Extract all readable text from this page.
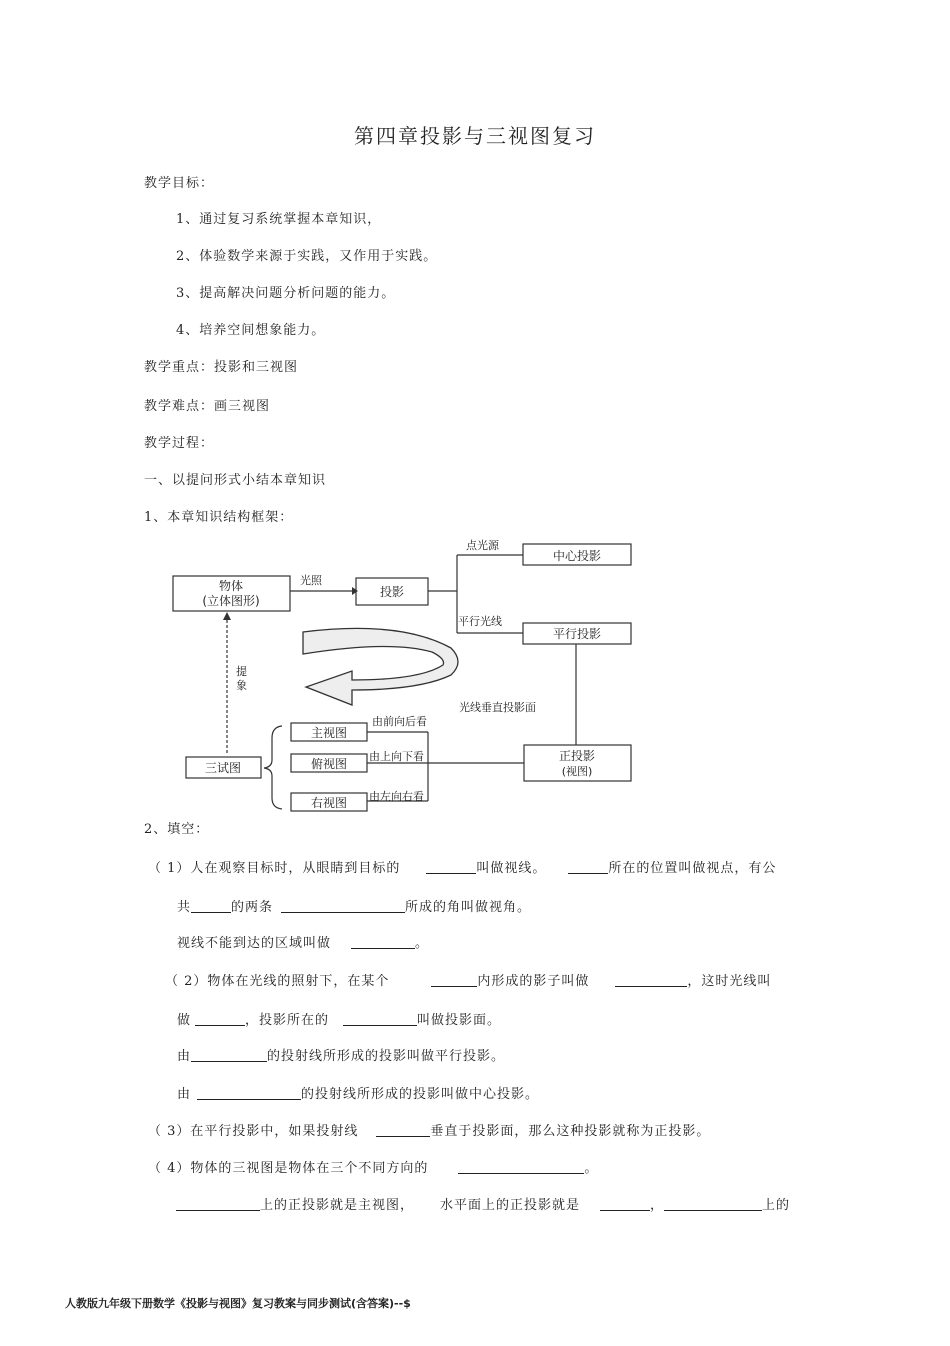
第四章投影与三视图复习
教学目标：
1、通过复习系统掌握本章知识，
2、体验数学来源于实践，又作用于实践。
3、提高解决问题分析问题的能力。
4、培养空间想象能力。
教学重点：投影和三视图
教学难点：画三视图
教学过程：
一、以提问形式小结本章知识
1、本章知识结构框架：
物体
(立体图形)
光照
投影
点光源
中心投影
平行光线
平行投影
提
象
光线垂直投影面
正投影
(视图)
三试图
主视图
俯视图
右视图
由前向后看
由上向下看
由左向右看
2、填空：
（ 1）人在观察目标时，从眼睛到目标的	叫做视线。	所在的位置叫做视点，有公
共	的两条	所成的角叫做视角。
视线不能到达的区域叫做	。
（ 2）物体在光线的照射下，在某个	内形成的影子叫做	，这时光线叫
做	，投影所在的	叫做投影面。
由	的投射线所形成的投影叫做平行投影。
由	的投射线所形成的投影叫做中心投影。
（ 3）在平行投影中，如果投射线	垂直于投影面，那么这种投影就称为正投影。
（ 4）物体的三视图是物体在三个不同方向的	。
上的正投影就是主视图， 水平面上的正投影就是	，	上的
人教版九年级下册数学《投影与视图》复习教案与同步测试(含答案)--$
